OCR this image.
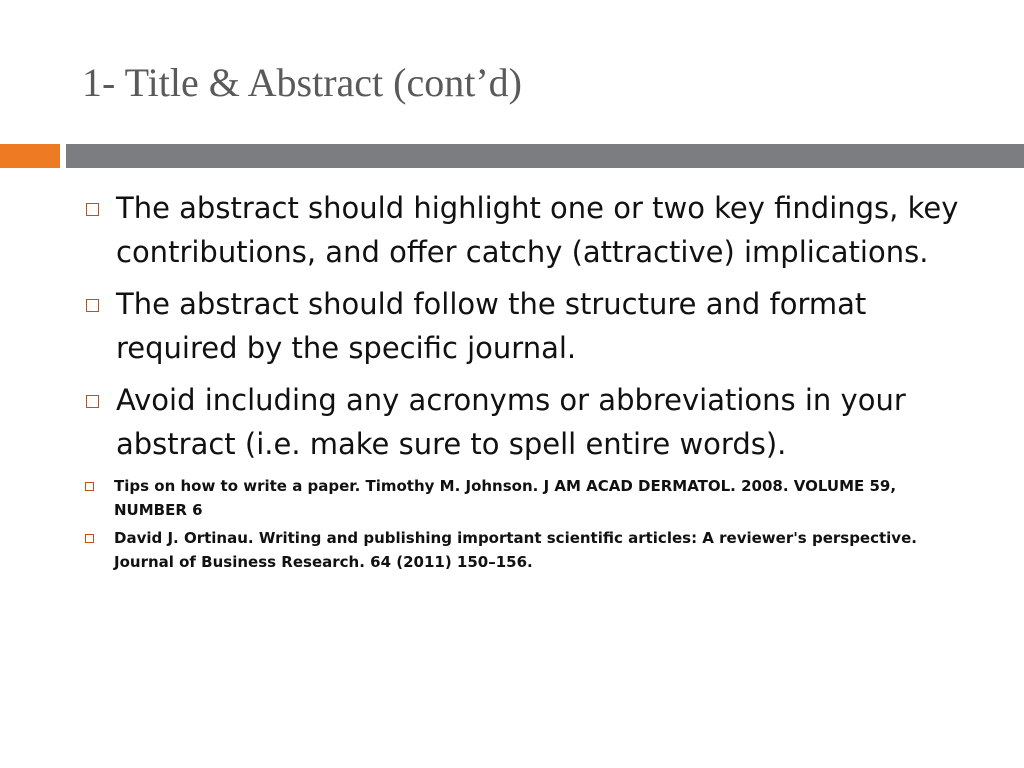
1- Title & Abstract (cont’d)
The abstract should highlight one or two key findings, key contributions, and offer catchy (attractive) implications.
The abstract should follow the structure and format required by the specific journal.
Avoid including any acronyms or abbreviations in your abstract (i.e. make sure to spell entire words).
Tips on how to write a paper. Timothy M. Johnson. J AM ACAD DERMATOL. 2008. VOLUME 59, NUMBER 6
David J. Ortinau. Writing and publishing important scientific articles: A reviewer's perspective. Journal of Business Research. 64 (2011) 150–156.
